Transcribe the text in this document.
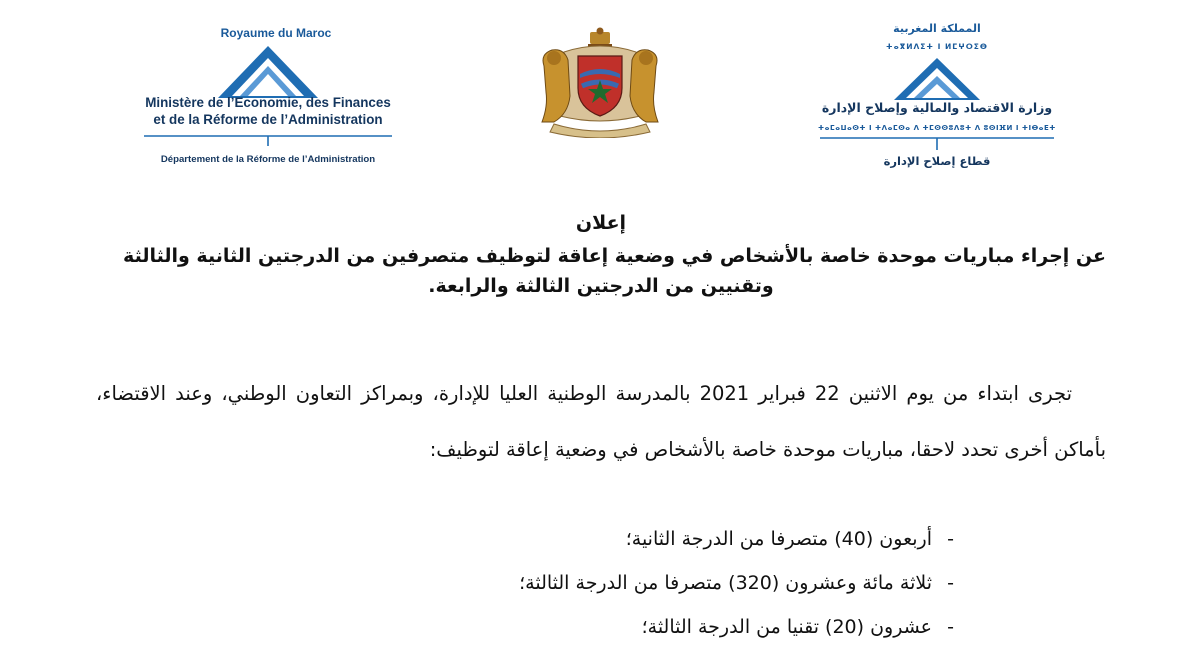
Royaume du Maroc
Ministère de l’Economie, des Finances
et de la Réforme de l’Administration
Département de la Réforme de l’Administration
المملكة المغربية
ⵜⴰⴳⵍⴷⵉⵜ ⵏ ⵍⵎⵖⵔⵉⴱ
وزارة الاقتصاد والمالية وإصلاح الإدارة
ⵜⴰⵎⴰⵡⴰⵙⵜ ⵏ ⵜⴷⴰⵎⵙⴰ ⴷ ⵜⵎⵙⵙⵓⴷⵓⵜ ⴷ ⵓⵙⵏⴼⵍ ⵏ ⵜⵏⴱⴰⴹⵜ
قطاع إصلاح الإدارة
إعلان
عن إجراء مباريات موحدة خاصة بالأشخاص في وضعية إعاقة لتوظيف متصرفين من الدرجتين الثانية والثالثة
وتقنيين من الدرجتين الثالثة والرابعة.
تجرى ابتداء من يوم الاثنين 22 فبراير 2021 بالمدرسة الوطنية العليا للإدارة، وبمراكز التعاون الوطني، وعند الاقتضاء، بأماكن أخرى تحدد لاحقا، مباريات موحدة خاصة بالأشخاص في وضعية إعاقة لتوظيف:
-أربعون (40) متصرفا من الدرجة الثانية؛
-ثلاثة مائة وعشرون (320) متصرفا من الدرجة الثالثة؛
-عشرون (20) تقنيا من الدرجة الثالثة؛
